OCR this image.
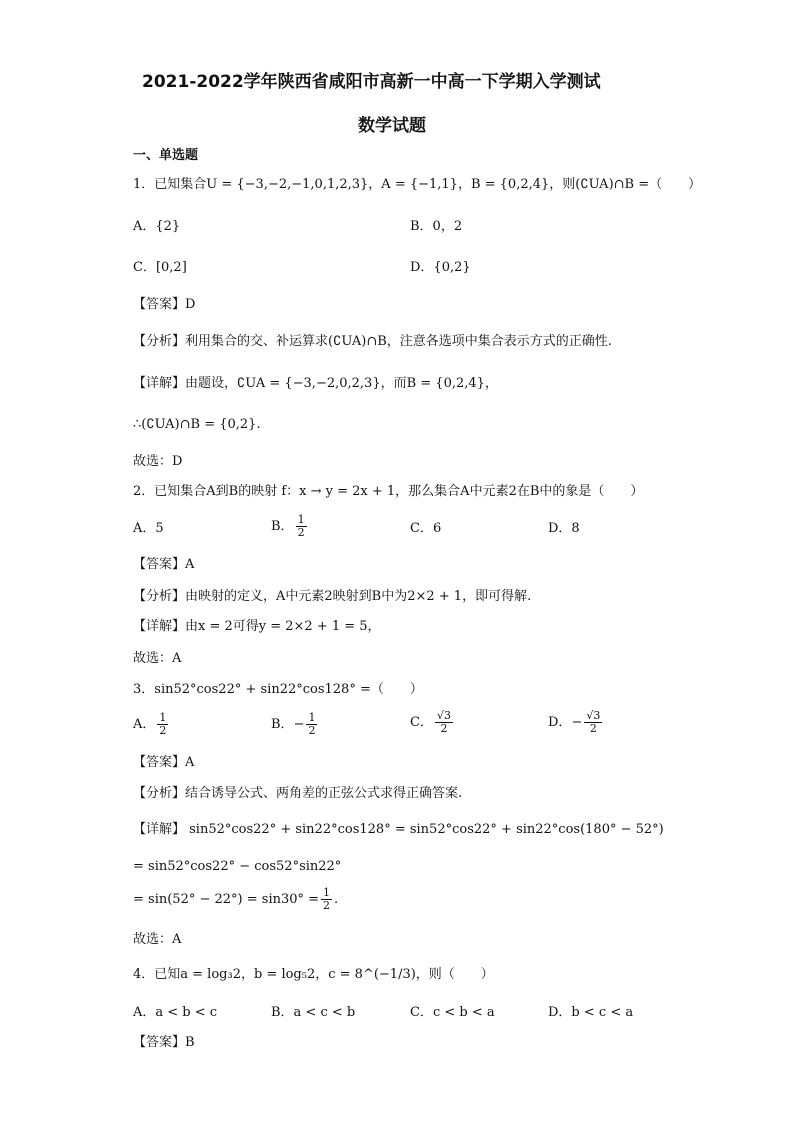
2021-2022学年陕西省咸阳市高新一中高一下学期入学测试
数学试题
一、单选题
1．已知集合U = {−3,−2,−1,0,1,2,3}，A = {−1,1}，B = {0,2,4}，则(∁UA)∩B =（　　）
A．{2}	B．0，2
C．[0,2]	D．{0,2}
【答案】D
【分析】利用集合的交、补运算求(∁UA)∩B，注意各选项中集合表示方式的正确性.
【详解】由题设，∁UA = {−3,−2,0,2,3}，而B = {0,2,4}，
∴(∁UA)∩B = {0,2}.
故选：D
2．已知集合A到B的映射 f：x → y = 2x + 1，那么集合A中元素2在B中的象是（　　）
A．5	B． $\frac{1}{2}$	C．6	D．8
【答案】A
【分析】由映射的定义，A中元素2映射到B中为2×2 + 1，即可得解.
【详解】由x = 2可得y = 2×2 + 1 = 5，
故选：A
3．sin52°cos22° + sin22°cos128° =（　　）
A． $\frac{1}{2}$	B．− $\frac{1}{2}$	C． $\frac{√3}{2}$	D．− $\frac{√3}{2}$
【答案】A
【分析】结合诱导公式、两角差的正弦公式求得正确答案.
【详解】 sin52°cos22° + sin22°cos128° = sin52°cos22° + sin22°cos(180° − 52°)
= sin52°cos22° − cos52°sin22°
= $\sin(52^\circ - 22^\circ) = \sin 30^\circ = \frac{1}{2}$ .
故选：A
4．已知a = log₃2，b = log₅2，c = 8^(−1/3)，则（　　）
A．a < b < c	B．a < c < b	C．c < b < a	D．b < c < a
【答案】B
